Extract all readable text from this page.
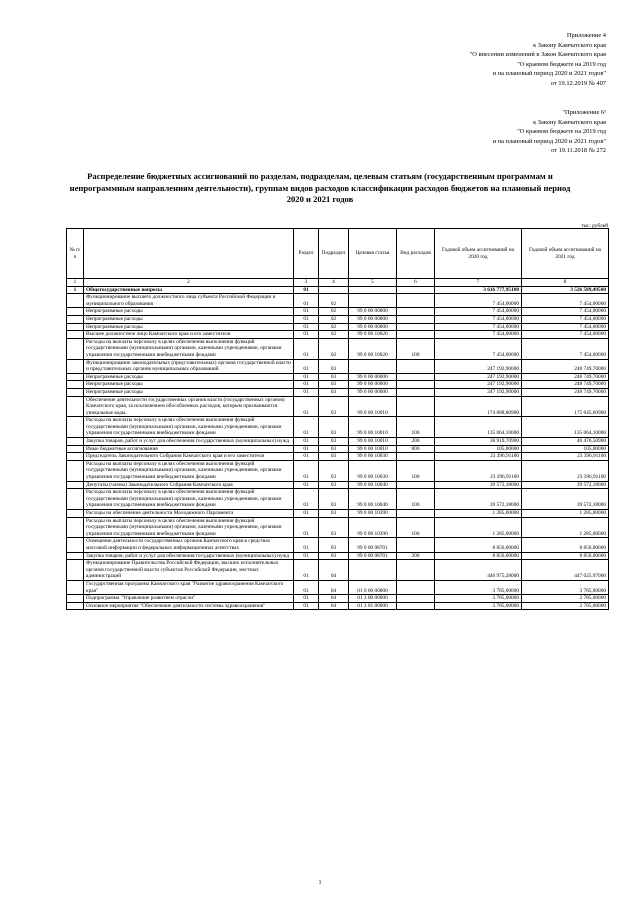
Приложение 4
к Закону Камчатского края
"О внесении изменений в Закон Камчатского края
"О краевом бюджете на 2019 год
и на плановый период 2020 и 2021 годов"
от 19.12.2019 № 407
"Приложение 6¹
к Закону Камчатского края
"О краевом бюджете на 2019 год
и на плановый период 2020 и 2021 годов"
от 19.11.2018 № 272
Распределение бюджетных ассигнований по разделам, подразделам, целевым статьям (государственным программам и непрограммным направлениям деятельности), группам видов расходов классификации расходов бюджетов на плановый период 2020 и 2021 годов
тыс. рублей
№ п/п		Раздел	Подраздел	Целевая статья	Вид расходов	Годовой объем ассигнований на 2020 год	Годовой объем ассигнований на 2021 год
1	2	3	4	5	6	7	8
1	Общегосударственные вопросы	01				3 616 777,95100	3 526 589,49500
	Функционирование высшего должностного лица субъекта Российской Федерации и муниципального образования	01	02			7 454,00000	7 454,00000
	Непрограммные расходы	01	02	99 0 00 00000		7 454,00000	7 454,00000
	Непрограммные расходы	01	02	99 0 00 00000		7 454,00000	7 454,00000
	Непрограммные расходы	01	02	99 0 00 00000		7 454,00000	7 454,00000
	Высшее должностное лицо Камчатского края и его заместители	01	02	99 0 00 10020		7 454,00000	7 454,00000
	Расходы на выплаты персоналу в целях обеспечения выполнения функций государственными (муниципальными) органами, казенными учреждениями, органами управления государственными внебюджетными фондами	01	02	99 0 00 10020	100	7 454,00000	7 454,00000
	Функционирование законодательных (представительных) органов государственной власти и представительных органов муниципальных образований	01	03			247 192,90000	248 749,70000
	Непрограммные расходы	01	03	99 0 00 00000		247 192,90000	248 749,70000
	Непрограммные расходы	01	03	99 0 00 00000		247 192,90000	248 749,70000
	Непрограммные расходы	01	03	99 0 00 00000		247 192,90000	248 749,70000
	Обеспечение деятельности государственных органов власти (государственных органов) Камчатского края, за исключением обособленных расходов, которым присваиваются уникальные коды,	01	03	99 0 00 10010		174 088,80900	175 645,60900
	Расходы на выплаты персоналу в целях обеспечения выполнения функций государственными (муниципальными) органами, казенными учреждениями, органами управления государственными внебюджетными фондами	01	03	99 0 00 10010	100	135 064,10000	135 064,10000
	Закупка товаров, работ и услуг для обеспечения государственных (муниципальных) нужд	01	03	99 0 00 10010	200	38 919,70900	40 476,50900
	Иные бюджетные ассигнования	01	03	99 0 00 10010	800	105,00000	105,00000
	Председатель Законодательного Собрания Камчатского края и его заместители	01	03	99 0 00 10030		23 396,91100	23 396,91100
	Расходы на выплаты персоналу в целях обеспечения выполнения функций государственными (муниципальными) органами, казенными учреждениями, органами управления государственными внебюджетными фондами	01	03	99 0 00 10030	100	23 396,91100	23 396,91100
	Депутаты (члены) Законодательного Собрания Камчатского края	01	03	99 0 00 10040		39 572,18000	39 572,18000
	Расходы на выплаты персоналу в целях обеспечения выполнения функций государственными (муниципальными) органами, казенными учреждениями, органами управления государственными внебюджетными фондами	01	03	99 0 00 10040	100	39 572,18000	39 572,18000
	Расходы на обеспечение деятельности Молодежного Парламента	01	03	99 0 00 10390		1 285,00000	1 285,00000
	Расходы на выплаты персоналу в целях обеспечения выполнения функций государственными (муниципальными) органами, казенными учреждениями, органами управления государственными внебюджетными фондами	01	03	99 0 00 10390	100	1 285,00000	1 285,00000
	Освещение деятельности государственных органов Камчатского края в средствах массовой информации и федеральных информационных агентствах	01	03	99 0 00 98701		8 850,00000	8 850,00000
	Закупка товаров, работ и услуг для обеспечения государственных (муниципальных) нужд	01	03	99 0 00 98701	200	8 850,00000	8 850,00000
	Функционирование Правительства Российской Федерации, высших исполнительных органов государственной власти субъектов Российской Федерации, местных администраций	01	04			446 975,28000	447 025,97000
	Государственная программа Камчатского края "Развитие здравоохранения Камчатского края"	01	04	01 0 00 00000		3 785,00000	3 785,00000
	Подпрограмма "Управление развитием отрасли"	01	04	01 3 00 00000		3 785,00000	3 785,00000
	Основное мероприятие "Обеспечение деятельности системы здравоохранения"	01	04	01 3 01 00000		3 785,00000	3 785,00000
1
